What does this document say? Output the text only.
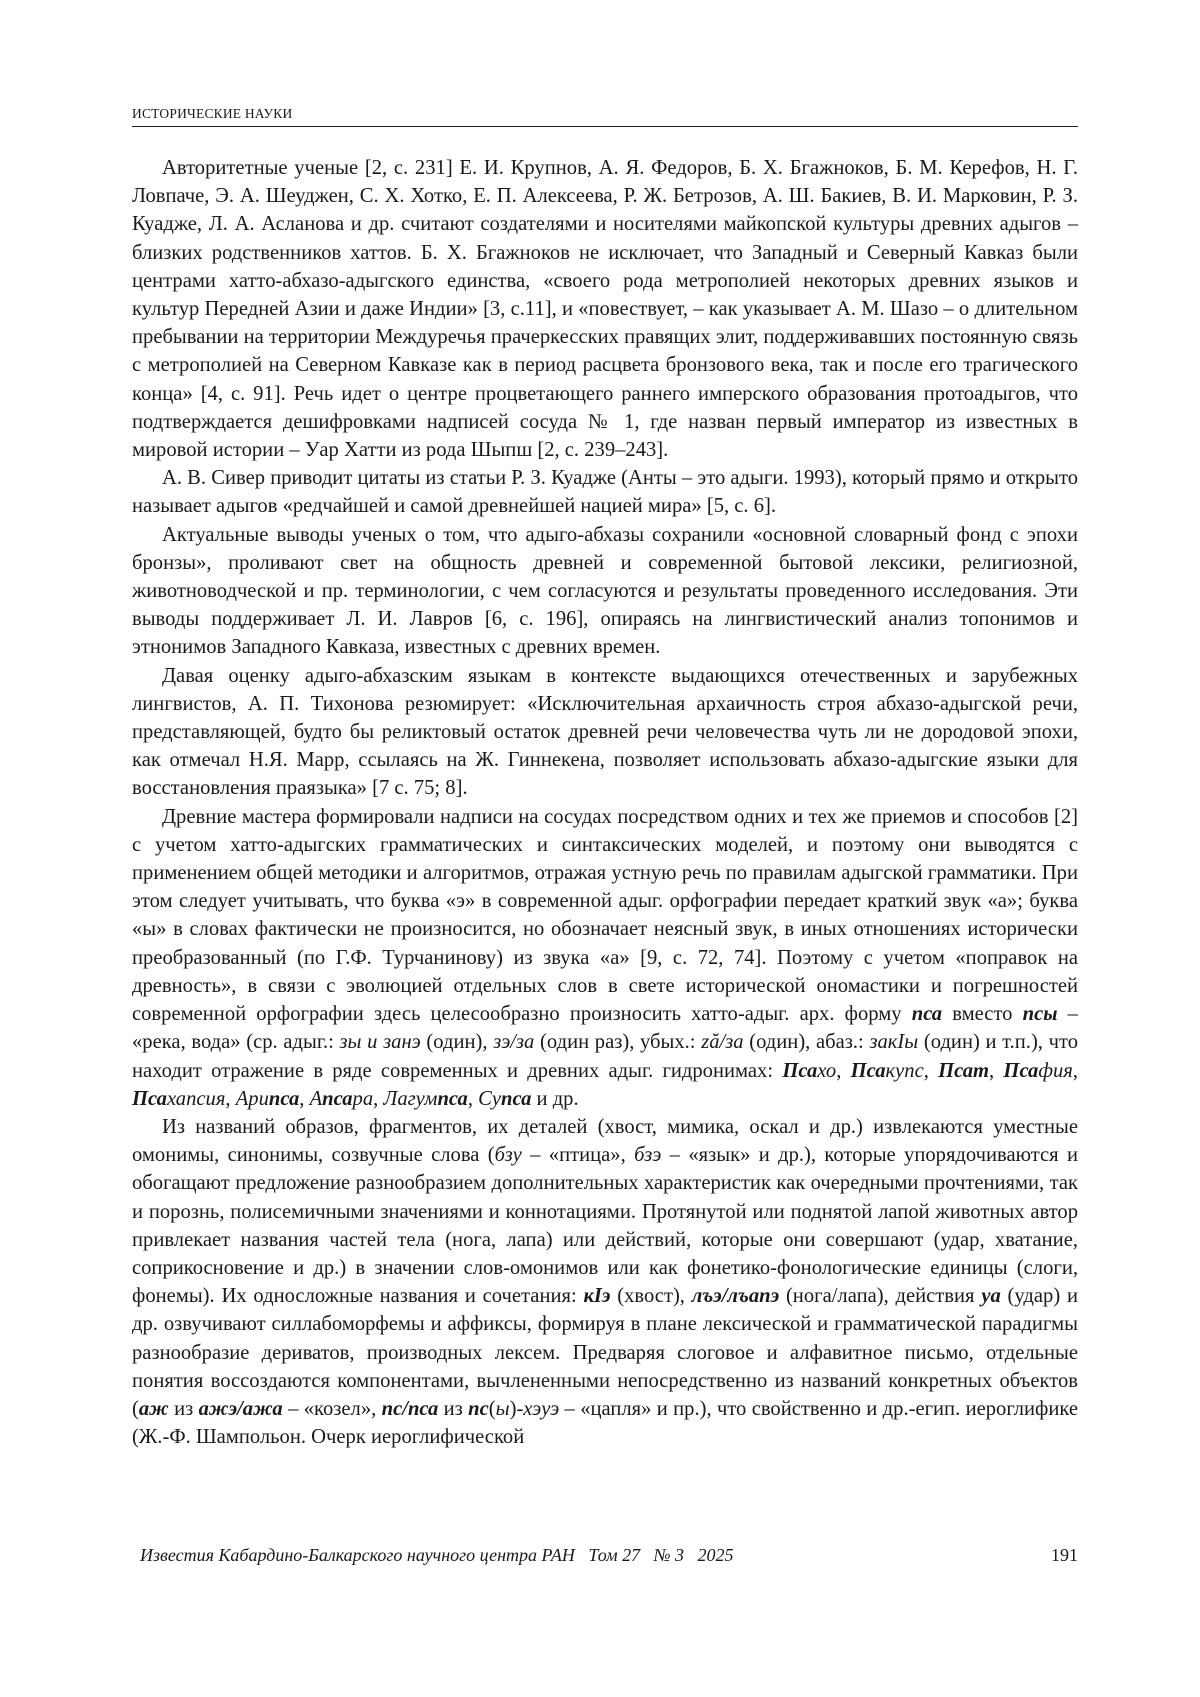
ИСТОРИЧЕСКИЕ НАУКИ

Авторитетные ученые [2, с. 231] Е. И. Крупнов, А. Я. Федоров, Б. Х. Бгажноков, Б. М. Ке­рефов, Н. Г. Ловпаче, Э. А. Шеуджен, С. Х. Хотко, Е. П. Алексеева, Р. Ж. Бетрозов, А. Ш. Ба­киев, В. И. Марковин, Р. З. Куадже, Л. А. Асланова и др. считают создателями и носителями майкопской культуры древних адыгов – близких родственников хаттов. Б. Х. Бгажноков не исключает, что Западный и Северный Кавказ были центрами хатто-абхазо-адыгского единства, «своего рода метрополией некоторых древних языков и культур Передней Азии и даже Ин­дии» [3, с.11], и «повествует, – как указывает А. М. Шазо – о длительном пребывании на тер­ритории Междуречья прачеркесских правящих элит, поддерживавших постоянную связь с метрополией на Северном Кавказе как в период расцвета бронзового века, так и после его тра­гического конца» [4, с. 91]. Речь идет о центре процветающего раннего имперского образова­ния протоадыгов, что подтверждается дешифровками надписей сосуда № 1, где назван первый император из известных в мировой истории – Уар Хатти из рода Шыпш [2, с. 239–243].

А. В. Сивер приводит цитаты из статьи Р. З. Куадже (Анты – это адыги. 1993), который прямо и открыто называет адыгов «редчайшей и самой древнейшей нацией мира» [5, с. 6].

Актуальные выводы ученых о том, что адыго-абхазы сохранили «основной словарный фонд с эпохи бронзы», проливают свет на общность древней и современной бытовой лексики, религиозной, животноводческой и пр. терминологии, с чем согласуются и результаты прове­денного исследования. Эти выводы поддерживает Л. И. Лавров [6, с. 196], опираясь на линг­вистический анализ топонимов и этнонимов Западного Кавказа, известных с древних времен.

Давая оценку адыго-абхазским языкам в контексте выдающихся отечественных и зару­бежных лингвистов, А. П. Тихонова резюмирует: «Исключительная архаичность строя абха­зо-адыгской речи, представляющей, будто бы реликтовый остаток древней речи человече­ства чуть ли не дородовой эпохи, как отмечал Н.Я. Марр, ссылаясь на Ж. Гиннекена, позво­ляет использовать абхазо-адыгские языки для восстановления праязыка» [7 с. 75; 8].

Древние мастера формировали надписи на сосудах посредством одних и тех же приемов и способов [2] с учетом хатто-адыгских грамматических и синтаксических моделей, и поэтому они выводятся с применением общей методики и алгоритмов, отражая устную речь по пра­вилам адыгской грамматики. При этом следует учитывать, что буква «э» в современной адыг. орфографии передает краткий звук «а»; буква «ы» в словах фактически не произносится, но обозначает неясный звук, в иных отношениях исторически преобразованный (по Г.Ф. Турча­нинову) из звука «а» [9, с. 72, 74]. Поэтому с учетом «поправок на древность», в связи с эво­люцией отдельных слов в свете исторической ономастики и погрешностей современной ор­фографии здесь целесообразно произносить хатто-адыг. арх. форму пса вместо псы – «река, вода» (ср. адыг.: зы и занэ (один), зэ/за (один раз), убых.: ză/за (один), абаз.: закIы (один) и т.п.), что находит отражение в ряде современных и древних адыг. гидронимах: Псахо, Пса­купс, Псат, Псафия, Псахапсия, Арипса, Апсара, Лагумпса, Супса и др.

Из названий образов, фрагментов, их деталей (хвост, мимика, оскал и др.) извлекаются уместные омонимы, синонимы, созвучные слова (бзу – «птица», бзэ – «язык» и др.), которые упорядочиваются и обогащают предложение разнообразием дополнительных характеристик как очередными прочтениями, так и порознь, полисемичными значениями и коннотациями. Протянутой или поднятой лапой животных автор привлекает названия частей тела (нога, ла­па) или действий, которые они совершают (удар, хватание, соприкосновение и др.) в значении слов-омонимов или как фонетико-фонологические единицы (слоги, фонемы). Их однослож­ные названия и сочетания: кIэ (хвост), лъэ/лъапэ (нога/лапа), действия уа (удар) и др. озвучи­вают силлабоморфемы и аффиксы, формируя в плане лексической и грамматической пара­дигмы разнообразие дериватов, производных лексем. Предваряя слоговое и алфавитное пись­мо, отдельные понятия воссоздаются компонентами, вычлененными непосредственно из названий конкретных объектов (аж из ажэ/ажа – «козел», пс/пса из пс(ы)-хэуэ – «цапля» и пр.), что свойственно и др.-егип. иероглифике (Ж.-Ф. Шампольон. Очерк иероглифической

Известия Кабардино-Балкарского научного центра РАН   Том 27   № 3   2025	191
